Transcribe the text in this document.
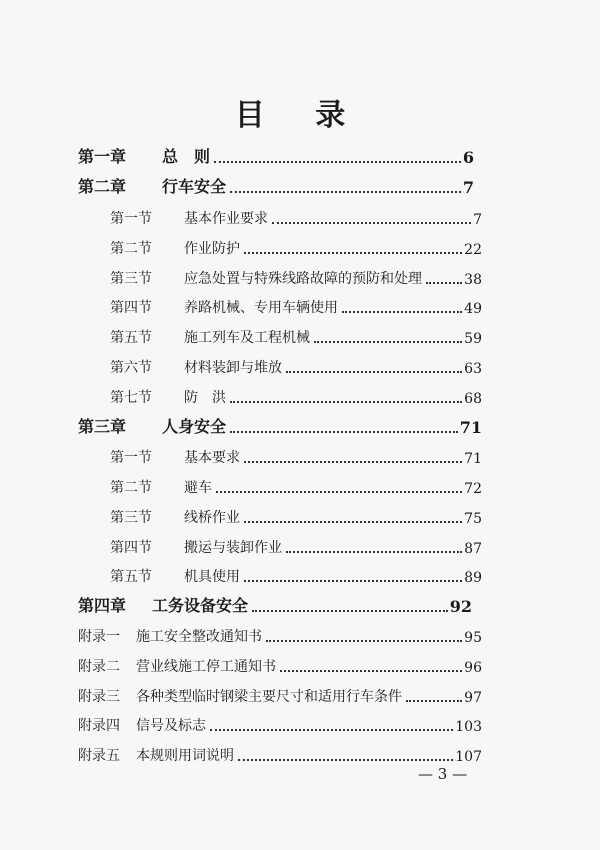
目 录
第一章	总　则	6
第二章	行车安全	7
第一节	基本作业要求	7
第二节	作业防护	22
第三节	应急处置与特殊线路故障的预防和处理	38
第四节	养路机械、专用车辆使用	49
第五节	施工列车及工程机械	59
第六节	材料装卸与堆放	63
第七节	防　洪	68
第三章	人身安全	71
第一节	基本要求	71
第二节	避车	72
第三节	线桥作业	75
第四节	搬运与装卸作业	87
第五节	机具使用	89
第四章	工务设备安全	92
附录一	施工安全整改通知书	95
附录二	营业线施工停工通知书	96
附录三	各种类型临时钢梁主要尺寸和适用行车条件	97
附录四	信号及标志	103
附录五	本规则用词说明	107
— 3 —
